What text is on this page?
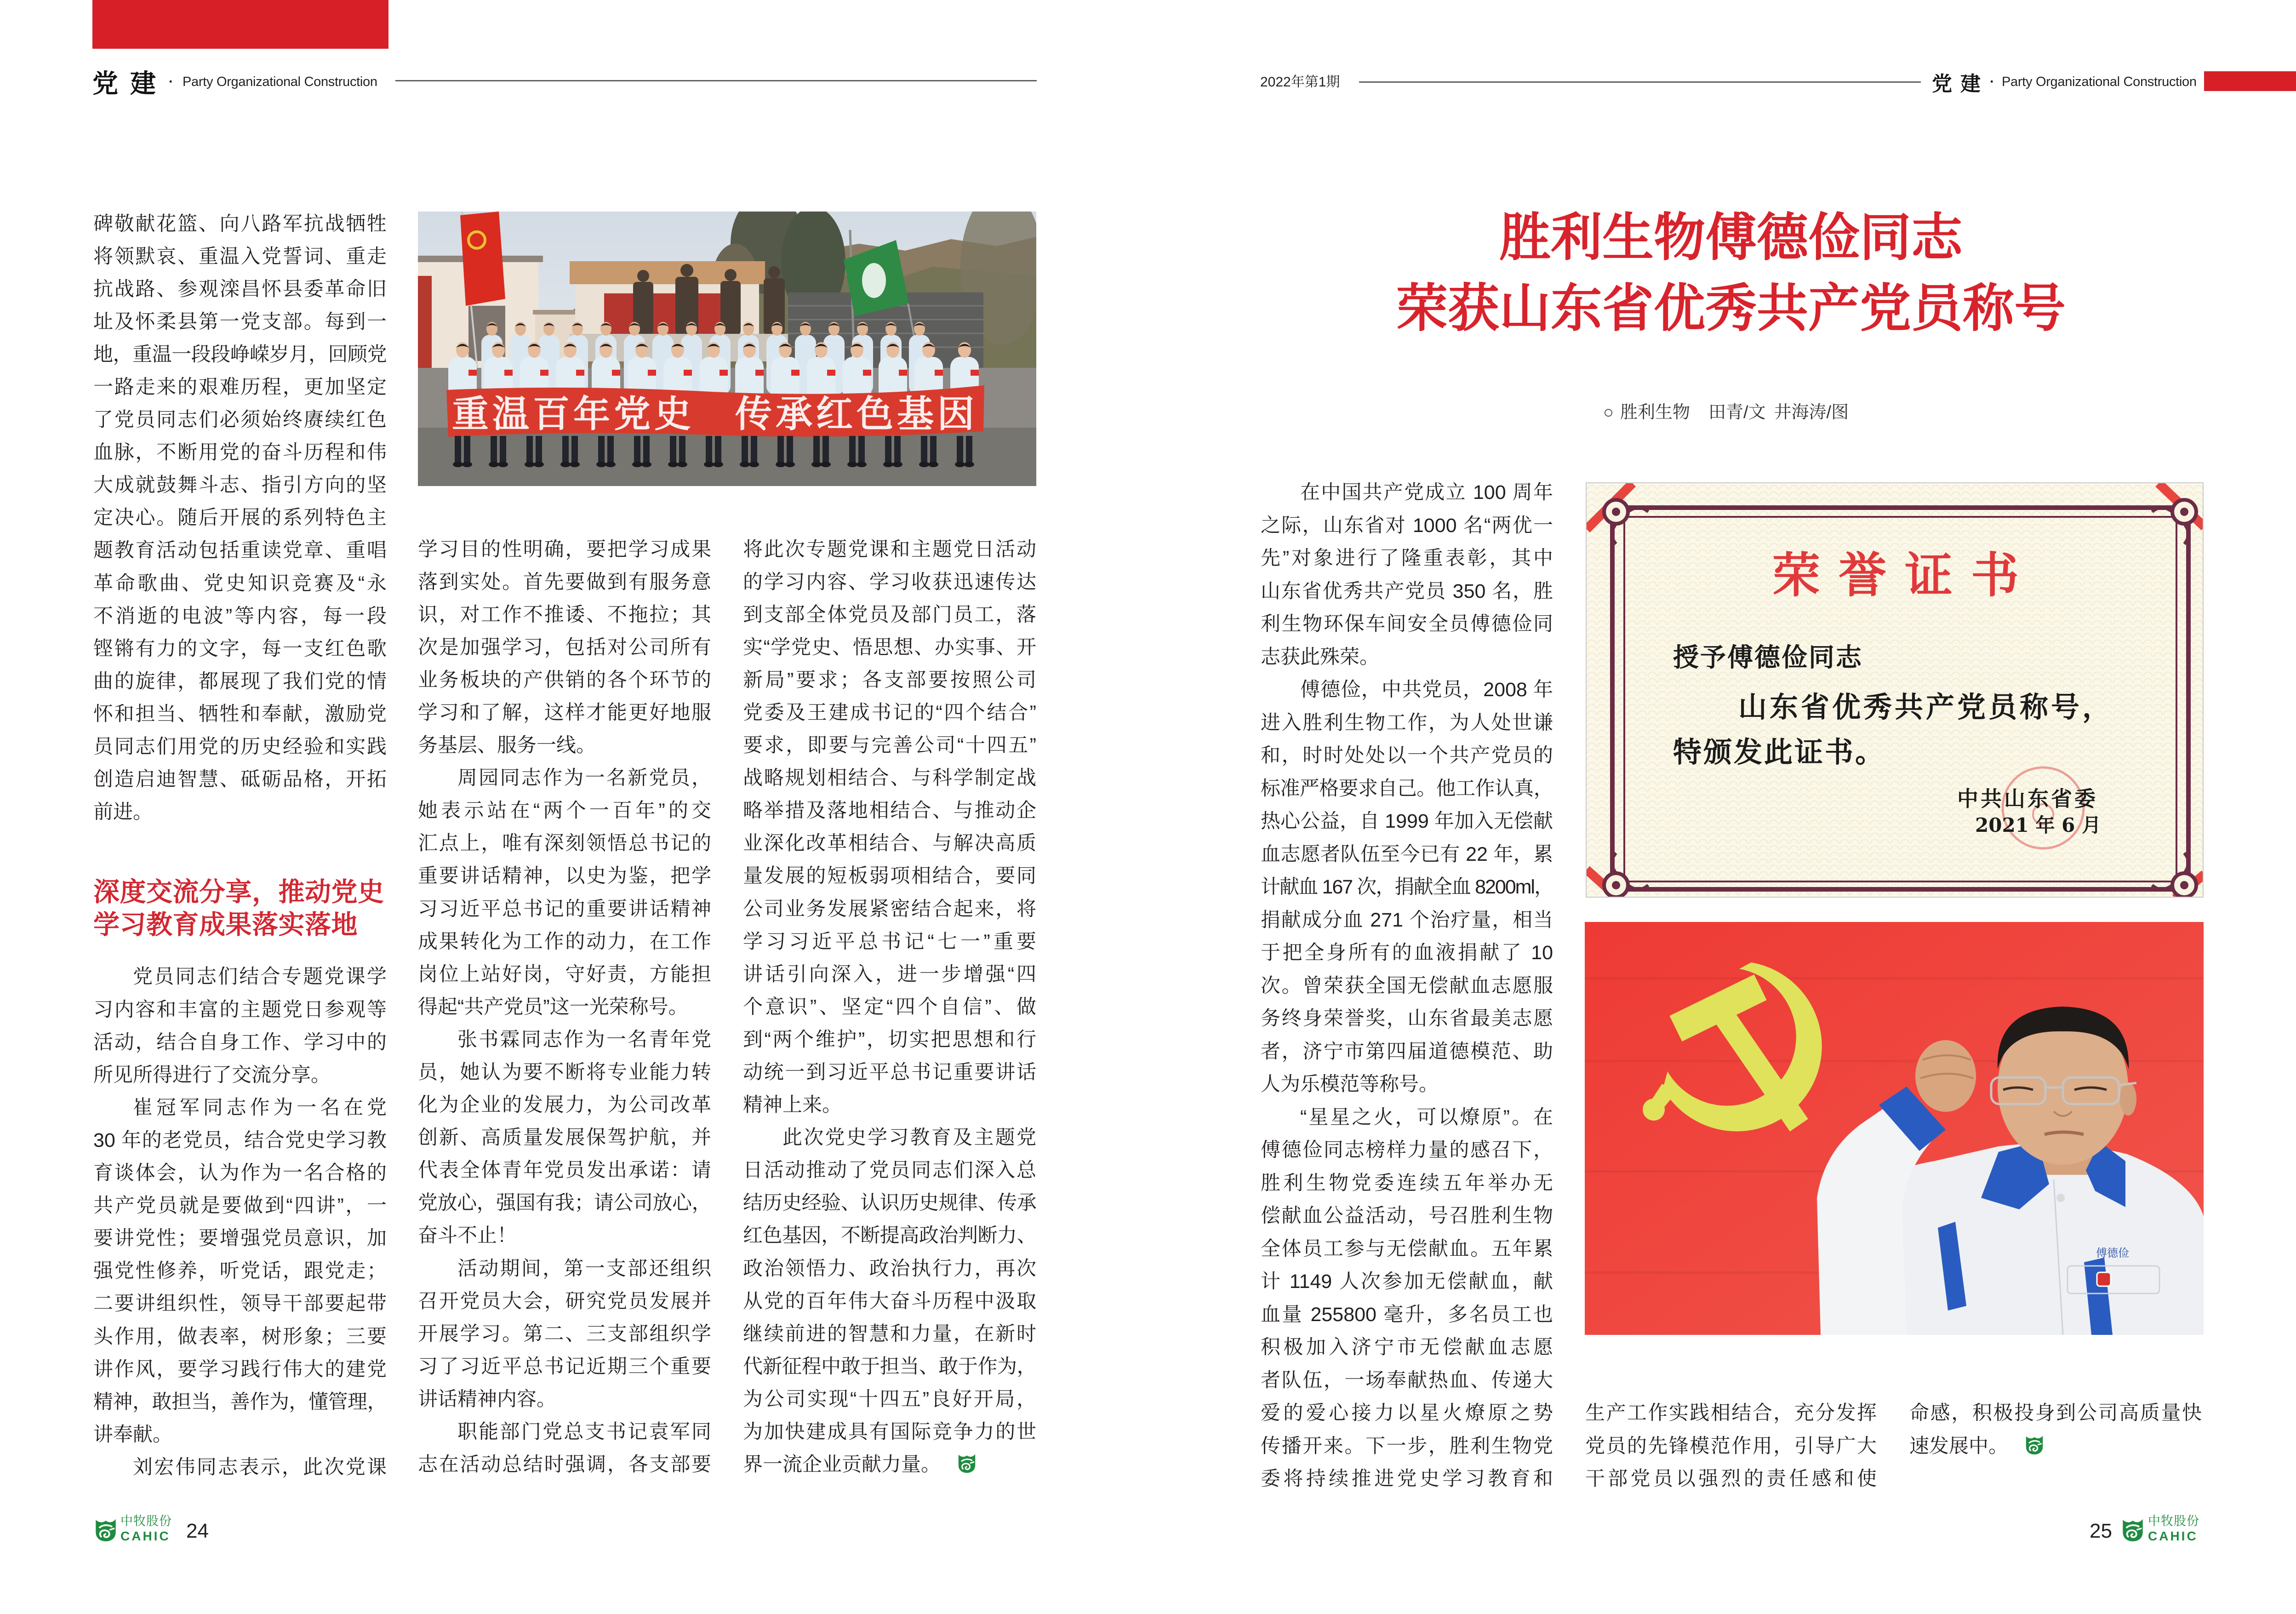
党建 · Party Organizational Construction
碑敬献花篮、向八路军抗战牺牲
将领默哀、重温入党誓词、重走
抗战路、参观滦昌怀县委革命旧
址及怀柔县第一党支部。每到一
地，重温一段段峥嵘岁月，回顾党
一路走来的艰难历程，更加坚定
了党员同志们必须始终赓续红色
血脉，不断用党的奋斗历程和伟
大成就鼓舞斗志、指引方向的坚
定决心。随后开展的系列特色主
题教育活动包括重读党章、重唱
革命歌曲、党史知识竞赛及“永
不消逝的电波”等内容，每一段
铿锵有力的文字，每一支红色歌
曲的旋律，都展现了我们党的情
怀和担当、牺牲和奉献，激励党
员同志们用党的历史经验和实践
创造启迪智慧、砥砺品格，开拓
前进。
深度交流分享，推动党史
学习教育成果落实落地
党员同志们结合专题党课学
习内容和丰富的主题党日参观等
活动，结合自身工作、学习中的
所见所得进行了交流分享。
崔冠军同志作为一名在党
30 年的老党员，结合党史学习教
育谈体会，认为作为一名合格的
共产党员就是要做到“四讲”，一
要讲党性；要增强党员意识，加
强党性修养，听党话，跟党走；
二要讲组织性，领导干部要起带
头作用，做表率，树形象；三要
讲作风，要学习践行伟大的建党
精神，敢担当，善作为，懂管理，
讲奉献。
刘宏伟同志表示，此次党课
重温百年党史　传承红色基因
学习目的性明确，要把学习成果
落到实处。首先要做到有服务意
识，对工作不推诿、不拖拉；其
次是加强学习，包括对公司所有
业务板块的产供销的各个环节的
学习和了解，这样才能更好地服
务基层、服务一线。
周园同志作为一名新党员，
她表示站在“两个一百年”的交
汇点上，唯有深刻领悟总书记的
重要讲话精神，以史为鉴，把学
习习近平总书记的重要讲话精神
成果转化为工作的动力，在工作
岗位上站好岗，守好责，方能担
得起“共产党员”这一光荣称号。
张书霖同志作为一名青年党
员，她认为要不断将专业能力转
化为企业的发展力，为公司改革
创新、高质量发展保驾护航，并
代表全体青年党员发出承诺：请
党放心，强国有我；请公司放心，
奋斗不止！
活动期间，第一支部还组织
召开党员大会，研究党员发展并
开展学习。第二、三支部组织学
习了习近平总书记近期三个重要
讲话精神内容。
职能部门党总支书记袁军同
志在活动总结时强调，各支部要
将此次专题党课和主题党日活动
的学习内容、学习收获迅速传达
到支部全体党员及部门员工，落
实“学党史、悟思想、办实事、开
新局”要求；各支部要按照公司
党委及王建成书记的“四个结合”
要求，即要与完善公司“十四五”
战略规划相结合、与科学制定战
略举措及落地相结合、与推动企
业深化改革相结合、与解决高质
量发展的短板弱项相结合，要同
公司业务发展紧密结合起来，将
学习习近平总书记“七一”重要
讲话引向深入，进一步增强“四
个意识”、坚定“四个自信”、做
到“两个维护”，切实把思想和行
动统一到习近平总书记重要讲话
精神上来。
此次党史学习教育及主题党
日活动推动了党员同志们深入总
结历史经验、认识历史规律、传承
红色基因，不断提高政治判断力、
政治领悟力、政治执行力，再次
从党的百年伟大奋斗历程中汲取
继续前进的智慧和力量，在新时
代新征程中敢于担当、敢于作为，
为公司实现“十四五”良好开局，
为加快建成具有国际竞争力的世
界一流企业贡献力量。
中牧股份
CAHIC 24
2022年第1期	党建 · Party Organizational Construction
胜利生物傅德俭同志
荣获山东省优秀共产党员称号
○ 胜利生物 田青/文 井海涛/图
在中国共产党成立 100 周年
之际，山东省对 1000 名“两优一
先”对象进行了隆重表彰，其中
山东省优秀共产党员 350 名，胜
利生物环保车间安全员傅德俭同
志获此殊荣。
傅德俭，中共党员，2008 年
进入胜利生物工作，为人处世谦
和，时时处处以一个共产党员的
标准严格要求自己。他工作认真，
热心公益，自 1999 年加入无偿献
血志愿者队伍至今已有 22 年，累
计献血 167 次，捐献全血 8200ml，
捐献成分血 271 个治疗量，相当
于把全身所有的血液捐献了 10
次。曾荣获全国无偿献血志愿服
务终身荣誉奖，山东省最美志愿
者，济宁市第四届道德模范、助
人为乐模范等称号。
“星星之火，可以燎原”。在
傅德俭同志榜样力量的感召下，
胜利生物党委连续五年举办无
偿献血公益活动，号召胜利生物
全体员工参与无偿献血。五年累
计 1149 人次参加无偿献血，献
血量 255800 毫升，多名员工也
积极加入济宁市无偿献血志愿
者队伍，一场奉献热血、传递大
爱的爱心接力以星火燎原之势
传播开来。下一步，胜利生物党
委将持续推进党史学习教育和
荣誉证书
授予傅德俭同志
山东省优秀共产党员称号，
特颁发此证书。
中共山东省委
2021 年 6 月
傅德俭
生产工作实践相结合，充分发挥
党员的先锋模范作用，引导广大
干部党员以强烈的责任感和使
命感，积极投身到公司高质量快
速发展中。
25	中牧股份
CAHIC
